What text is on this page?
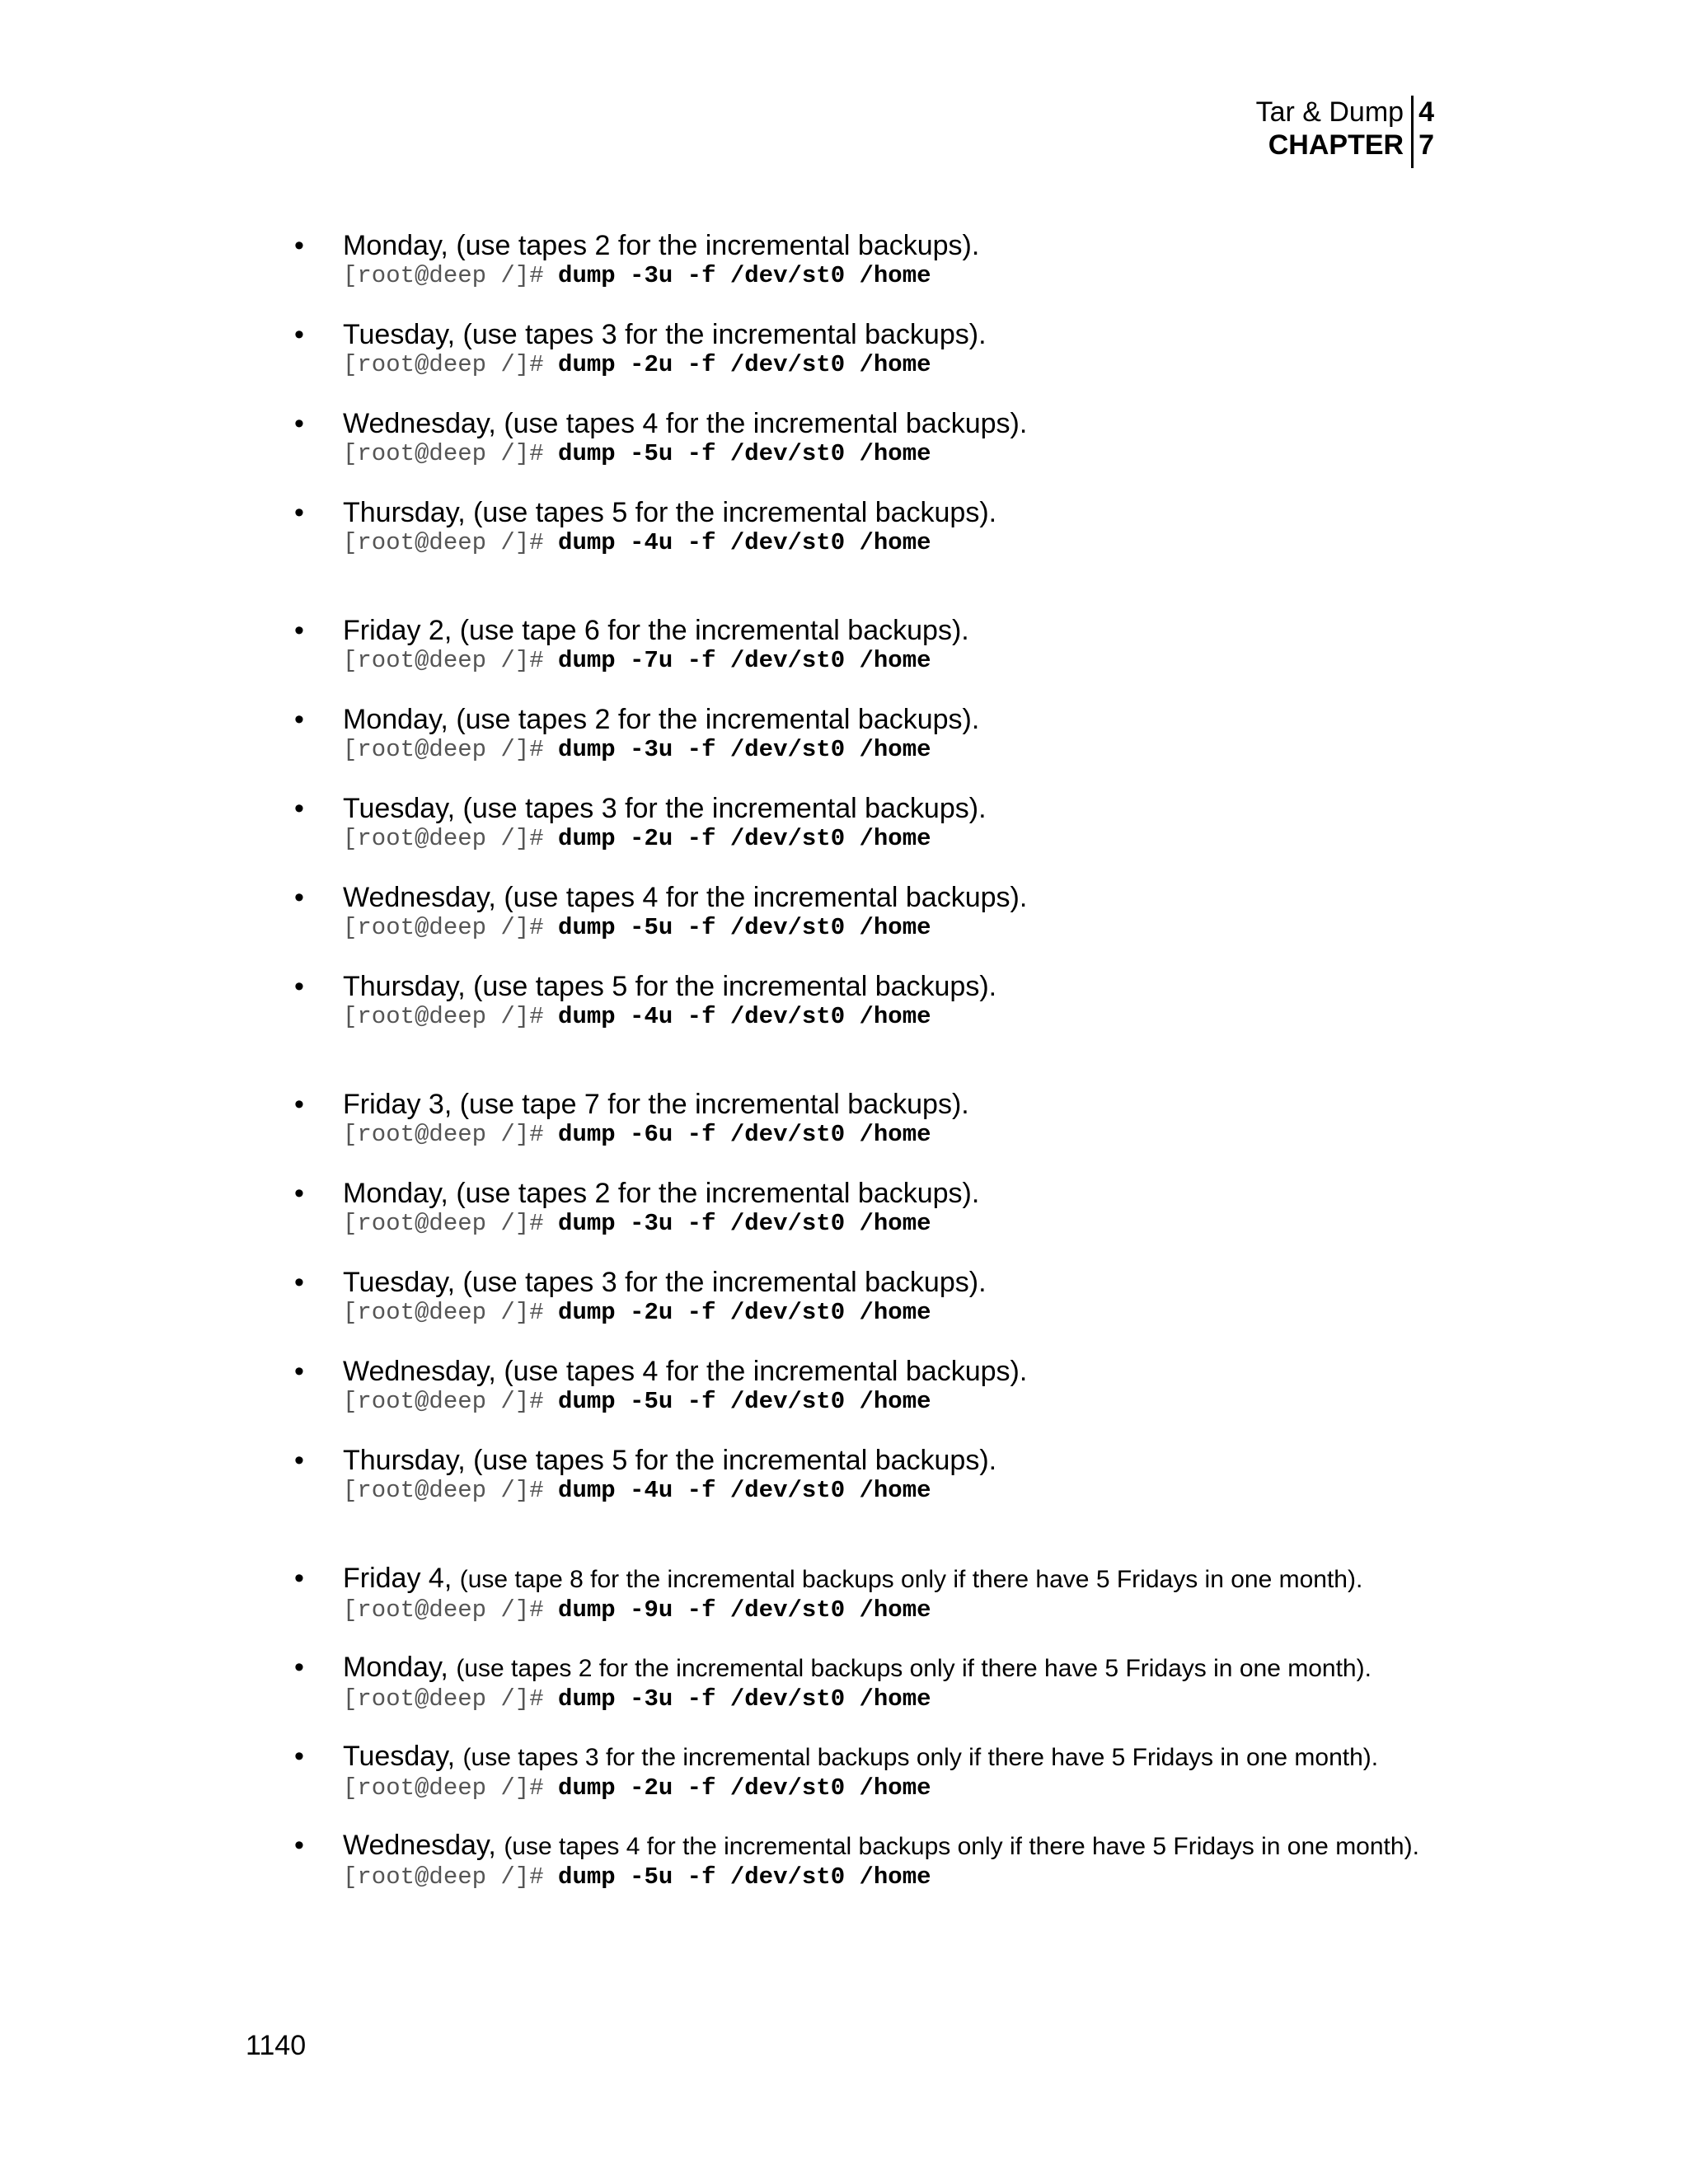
Tar & Dump
CHAPTER
4
7
• Monday, (use tapes 2 for the incremental backups).
[root@deep /]# dump -3u -f /dev/st0 /home
• Tuesday, (use tapes 3 for the incremental backups).
[root@deep /]# dump -2u -f /dev/st0 /home
• Wednesday, (use tapes 4 for the incremental backups).
[root@deep /]# dump -5u -f /dev/st0 /home
• Thursday, (use tapes 5 for the incremental backups).
[root@deep /]# dump -4u -f /dev/st0 /home
• Friday 2, (use tape 6 for the incremental backups).
[root@deep /]# dump -7u -f /dev/st0 /home
• Monday, (use tapes 2 for the incremental backups).
[root@deep /]# dump -3u -f /dev/st0 /home
• Tuesday, (use tapes 3 for the incremental backups).
[root@deep /]# dump -2u -f /dev/st0 /home
• Wednesday, (use tapes 4 for the incremental backups).
[root@deep /]# dump -5u -f /dev/st0 /home
• Thursday, (use tapes 5 for the incremental backups).
[root@deep /]# dump -4u -f /dev/st0 /home
• Friday 3, (use tape 7 for the incremental backups).
[root@deep /]# dump -6u -f /dev/st0 /home
• Monday, (use tapes 2 for the incremental backups).
[root@deep /]# dump -3u -f /dev/st0 /home
• Tuesday, (use tapes 3 for the incremental backups).
[root@deep /]# dump -2u -f /dev/st0 /home
• Wednesday, (use tapes 4 for the incremental backups).
[root@deep /]# dump -5u -f /dev/st0 /home
• Thursday, (use tapes 5 for the incremental backups).
[root@deep /]# dump -4u -f /dev/st0 /home
• Friday 4, (use tape 8 for the incremental backups only if there have 5 Fridays in one month).
[root@deep /]# dump -9u -f /dev/st0 /home
• Monday, (use tapes 2 for the incremental backups only if there have 5 Fridays in one month).
[root@deep /]# dump -3u -f /dev/st0 /home
• Tuesday, (use tapes 3 for the incremental backups only if there have 5 Fridays in one month).
[root@deep /]# dump -2u -f /dev/st0 /home
• Wednesday, (use tapes 4 for the incremental backups only if there have 5 Fridays in one month).
[root@deep /]# dump -5u -f /dev/st0 /home
1140
